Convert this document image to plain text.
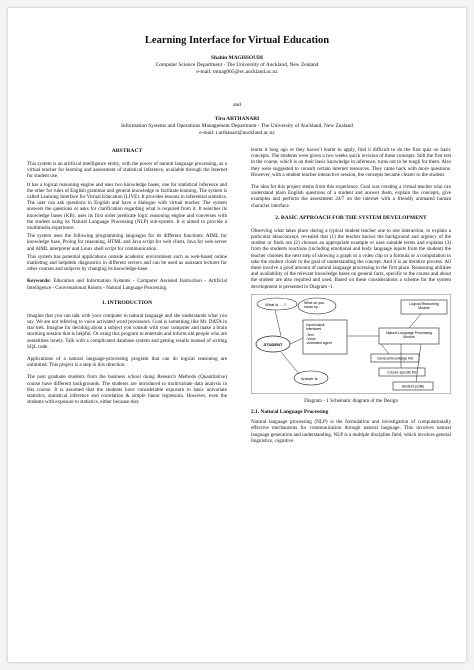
Learning Interface for Virtual Education
Shahin MAGHSOUDI
Computer Science Department - The University of Auckland, New Zealand
e-mail: mmag005@ec.auckland.ac.nz
and
Tiru ARTHANARI
Information Systems and Operations Management Department - The University of Auckland, New Zealand
e-mail: t.arthanari@auckland.ac.nz
ABSTRACT

This system is an artificial intelligence entity, with the power of natural language processing, as a virtual teacher for learning and assessment of statistical inference, available through the Internet for student use.

It has a logical reasoning engine and uses two knowledge bases, one for statistical inference and the other for rules of English grammar and general knowledge to facilitate learning. The system is called Learning Interface for Virtual Education (LIVE). It provides lessons in inferential statistics. The user can ask questions in English and have a dialogue with virtual teacher. The system answers the questions or asks for clarification regarding what is required from it. It searches its knowledge bases (KB), uses its first order predicate logic reasoning engine and converses with the student using its Natural Language Processing (NLP) sub-system. It is aimed to provide a multimedia experience.

The system uses the following programming languages for its different functions: AIML for knowledge base, Prolog for reasoning, HTML and Java script for web client, Java for web server and AIML interpreter and Linux shell script for communication.

This system has potential applications outside academic environment such as web-based online marketing and helpdesk diagnostics in different sectors and can be used as assistant lecturer for other courses and subjects by changing its knowledge-base.

Keywords: Education and Information Systems - Computer Assisted Instruction - Artificial Intelligence - Conversational Robots - Natural Language Processing.

1. INTRODUCTION

Imagine that you can talk with your computer in natural language and she understands what you say. We are not referring to voice activated word processors. Goal is something like Mr. DATA in star trek. Imagine for deciding about a subject you consult with your computer and make a brain storming session that is helpful. Or using this program to entertain and inform old people who are sometimes lonely. Talk with a complicated database system and getting results instead of writing SQL code.

Applications of a natural language-processing program that can do logical reasoning are unlimited. This project is a step in this direction.

The post graduate students from the business school doing Research Methods (Quantitative) course have different backgrounds. The students are introduced to multivariate data analysis in this course. It is assumed that the students have considerable exposure to basic univariate statistics, statistical inference and correlation & simple linear regression. However, even the students with exposure to statistics, either because they

learnt it long ago or they haven’t learnt to apply, find it difficult to do the first quiz on basic concepts. The students were given a two weeks quick revision of these concepts. Still the first test in the course, which is on their basic knowledge in inference, turns out to be tough for them. Also they were suggested to consult certain internet resources. They came back with more questions. However, with a student teacher interactive session, the concepts became clearer to the student.

The idea for this project stems from this experience. Goal was creating a virtual teacher who can understand plain English questions of a student and answer them, explain the concepts, give examples and perform the assessment 24/7 on the internet with a friendly animated human character interface.

2. BASIC APPROACH FOR THE SYSTEM DEVELOPMENT

Observing what takes place during a typical student teacher one to one interaction, to explain a particular idea/concept, revealed that (1) the teacher knows the background and urgency of the student or finds out (2) chooses an appropriate example or uses suitable terms and explains (3) from the students reactions (including emotional and body language inputs from the student) the teacher chooses the next step of showing a graph or a video clip or a formula or a computation to take the student closer to the goal of understanding the concept. And it is an iterative process. All these involve a good amount of natural language processing in the first place. Reasoning abilities and availability of the relevant knowledge bases on general facts, specific to the course and about the student are also required and used. Based on these considerations a scheme for the system development is presented in Diagram -1.

What is ... ?	What do you mean by...
Logical Reasoning Module
Input/output interfaces -Text -Voice -Animated agent
STUDENT
Natural Language Processing Module
General knowledge KB
Answer is ...
Course specific KB
Student profile
Diagram - 1 Schematic diagram of the Design
2.1. Natural Language Processing

Natural language processing (NLP) is the formulation and investigation of computationally effective mechanisms for communication through natural language. This involves natural language generation and understanding. NLP is a multiple discipline field, which involves general linguistics, cognitive
